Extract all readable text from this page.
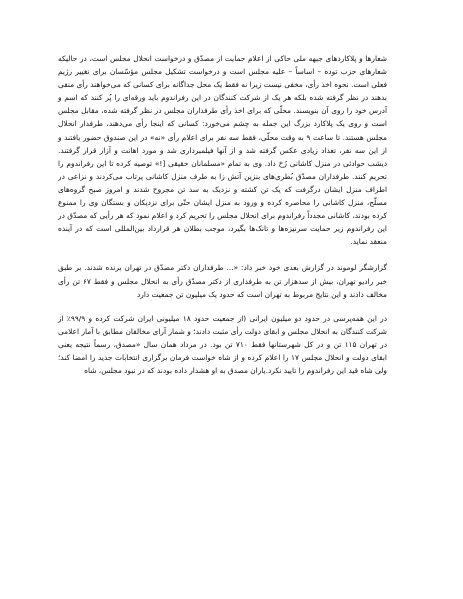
شعارها و پلاکاردهای جبهه ملی حاکی از اعلام حمایت از مصدّق و درخواست انحلال مجلس است، در حالیکه شعارهای حزب توده – اساساً – علیه مجلس است و درخواست تشکیل مجلس مؤسّسان برای تغییر رژیم فعلی است. نحوه اخذ رأی، مخفی نیست زیرا نه فقط یک محل جداگانه برای کسانی که می‌خواهند رأی منفی بدهند در نظر گرفته شده بلکه هر یک از شرکت کنندگان در این رفراندوم باید ورقه‌ای را پُر کنند که اسم و آدرس خود را روی آن بنویسند. محلّی که برای اخذ رأی طرفداران مجلس در نظر گرفته شده، مقابل مجلس است و روی یک پلاکارد بزرگ این جمله به چشم می‌خورد: کسانی که اینجا رأی می‌دهند، طرفدار انحلال مجلس هستند. تا ساعت ۹ به وقت محلّی، فقط سه نفر برای اعلام رأی «نه» در این صندوق حضور یافتند و از این سه نفر، تعداد زیادی عکس گرفته شد و از آنها فیلمبرداری شد و مورد اهانت و آزار قرار گرفتند. دیشب حوادثی در منزل کاشانی رُخ داد. وی به تمام «مسلمانان حقیقی [!» توصیه کرده تا این رفراندوم را تحریم کنند. طرفداران مصدّق بُطری‌های بنزین آتش زا به طرف منزل کاشانی پرتاب می‌کردند و نزاعی در اطراف منزل ایشان درگرفت که یک تن کشته و نزدیک به سد تن مجروح شدند و امروز صبح گروه‌های مسلّح، منزل کاشانی را محاصره کرده و ورود به منزل ایشان حتّی برای نزدیکان و بستگان وی را ممنوع کرده بودند، کاشانی مجدداً رفراندوم برای انحلال مجلس را تحریم کرد و اعلام نمود که هر رأیی که مصدّق در این رفراندوم زیر حمایت سرنیزه‌ها و تانک‌ها بگیرد، موجب بطلان هر قرارداد بین‌المللی است که در آینده منعقد نماید.

گزارشگر لوموند در گزارش بعدی خود خبر داد: «... طرفداران دکتر مصدّق در تهران برنده شدند. بر طبق خبر رادیو تهران، بیش از سدهزار تن به طرفداری از دکتر مصدّق رأی به انحلال مجلس و فقط ۶۷ تن رأی مخالف دادند و این نتایج مربوط به تهران است که حدود یک میلیون تن جمعیت دارد

در این همه‌پرسی در حدود دو میلیون ایرانی (از جمعیت حدود ۱۸ میلیونی ایران شرکت کرده و ۹۹/۹٪ از شرکت کنندگان به انحلال مجلس و ابقای دولت رأی مثبت دادند؛ و شمار آرای مخالفان مطابق با آمار اعلامی در تهران ۱۱۵ تن و در کل شهرستانها فقط ۷۱۰ تن بود. در مرداد همان سال «مصدق، رسماً نتیجه یعنی ابقای دولت و انحلال مجلس ۱۷ را اعلام کرده و از شاه خواست فرمان برگزاری انتخابات جدید را امضا کند؛ ولی شاه قید این رفراندوم را تایید نکرد.یاران مصدق به او هشدار داده بودند که در نبود مجلس، شاه
